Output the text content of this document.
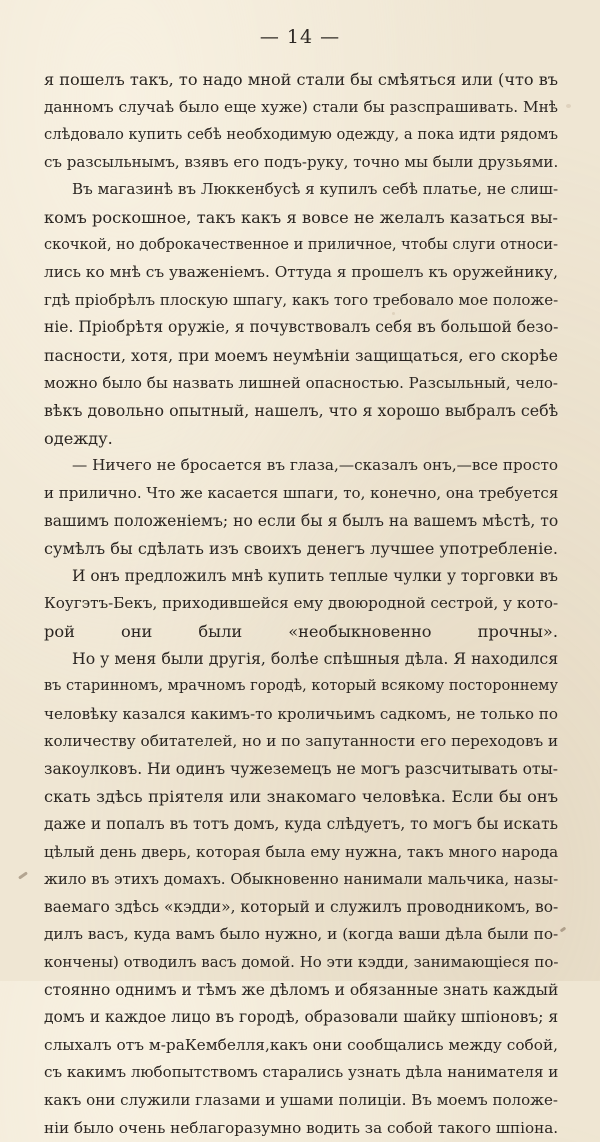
— 14 —

я пошелъ такъ, то надо мной стали бы смѣяться или (что въ
данномъ случаѣ было еще хуже) стали бы разспрашивать. Мнѣ
слѣдовало купить себѣ необходимую одежду, а пока идти рядомъ
съ разсыльнымъ, взявъ его подъ-руку, точно мы были друзьями.

Въ магазинѣ въ Люккенбусѣ я купилъ себѣ платье, не слиш-
комъ роскошное, такъ какъ я вовсе не желалъ казаться вы-
скочкой, но доброкачественное и приличное, чтобы слуги относи-
лись ко мнѣ съ уваженіемъ. Оттуда я прошелъ къ оружейнику,
гдѣ пріобрѣлъ плоскую шпагу, какъ того требовало мое положе-
ніе. Пріобрѣтя оружіе, я почувствовалъ себя въ большой безо-
пасности, хотя, при моемъ неумѣніи защищаться, его скорѣе
можно было бы назвать лишней опасностью. Разсыльный, чело-
вѣкъ довольно опытный, нашелъ, что я хорошо выбралъ себѣ
одежду.

— Ничего не бросается въ глаза,—сказалъ онъ,—все просто
и прилично. Что же касается шпаги, то, конечно, она требуется
вашимъ положеніемъ; но если бы я былъ на вашемъ мѣстѣ, то
сумѣлъ бы сдѣлать изъ своихъ денегъ лучшее употребленіе.

И онъ предложилъ мнѣ купить теплые чулки у торговки въ
Коугэтъ-Бекъ, приходившейся ему двоюродной сестрой, у кото-
рой они были «необыкновенно прочны».

Но у меня были другія, болѣе спѣшныя дѣла. Я находился
въ старинномъ, мрачномъ городѣ, который всякому постороннему
человѣку казался какимъ-то кроличьимъ садкомъ, не только по
количеству обитателей, но и по запутанности его переходовъ и
закоулковъ. Ни одинъ чужеземецъ не могъ разсчитывать оты-
скать здѣсь пріятеля или знакомаго человѣка. Если бы онъ
даже и попалъ въ тотъ домъ, куда слѣдуетъ, то могъ бы искать
цѣлый день дверь, которая была ему нужна, такъ много народа
жило въ этихъ домахъ. Обыкновенно нанимали мальчика, назы-
ваемаго здѣсь «кэдди», который и служилъ проводникомъ, во-
дилъ васъ, куда вамъ было нужно, и (когда ваши дѣла были по-
кончены) отводилъ васъ домой. Но эти кэдди, занимающіеся по-
стоянно однимъ и тѣмъ же дѣломъ и обязанные знать каждый
домъ и каждое лицо въ городѣ, образовали шайку шпіоновъ; я
слыхалъ отъ м-раКембелля,какъ они сообщались между собой,
съ какимъ любопытствомъ старались узнать дѣла нанимателя и
какъ они служили глазами и ушами полиціи. Въ моемъ положе-
ніи было очень неблагоразумно водить за собой такого шпіона.
